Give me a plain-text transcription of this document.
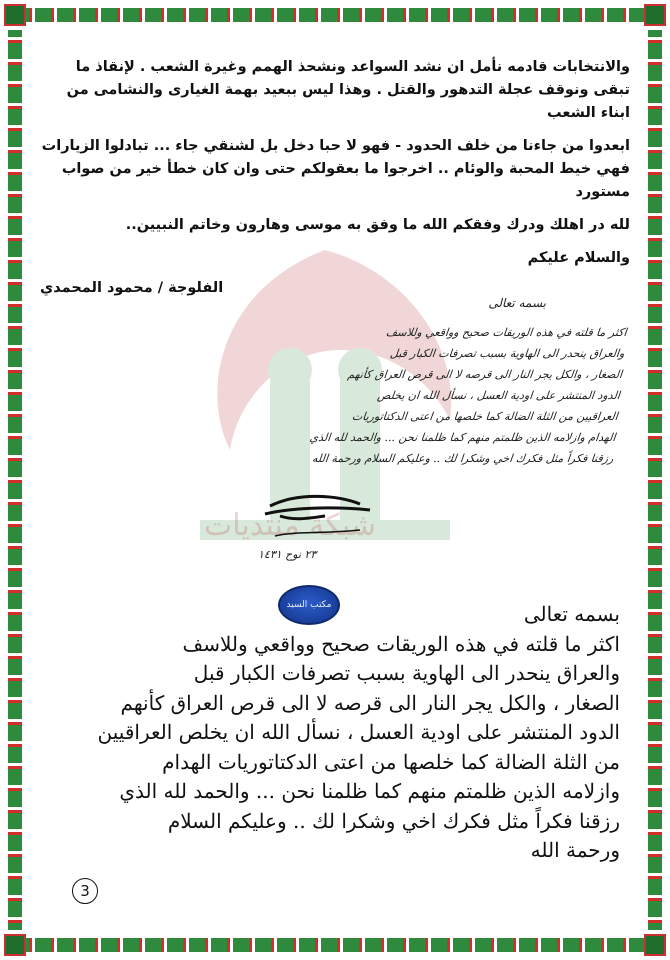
شبكة منتديات

والانتخابات قادمه نأمل ان نشد السواعد ونشحذ الهمم وغيرة الشعب . لإنقاذ ما تبقى ونوقف عجلة التدهور والقتل . وهذا ليس ببعيد بهمة الغيارى والنشامى من ابناء الشعب

ابعدوا من جاءنا من خلف الحدود - فهو لا حبا دخل بل لشنقي جاء ... تبادلوا الزيارات فهي خيط المحبة والوئام .. اخرجوا ما بعقولكم حتى وان كان خطأ خير من صواب مستورد

لله در اهلك ودرك وفقكم الله ما وفق به موسى وهارون وخاتم النبيين..

والسلام عليكم

الفلوجة / محمود المحمدي
بسمه تعالى
اكثر ما قلته في هذه الوريقات صحيح وواقعي وللاسف
والعراق ينحدر الى الهاوية بسبب تصرفات الكبار قبل
الصغار ، والكل يجر النار الى قرصه لا الى قرص العراق كأنهم
الدود المنتشر على اودية العسل ، نسأل الله ان يخلص
العراقيين من الثلة الضالة كما خلصها من اعتى الدكتاتوريات
الهدام وازلامه الذين ظلمتم منهم كما ظلمنا نحن ... والحمد لله الذي
رزقنا فكراً مثل فكرك اخي وشكرا لك .. وعليكم السلام ورحمة الله
٢٣ نوح ١٤٣١
مكتب السيد	بسمه تعالى
اكثر ما قلته في هذه الوريقات صحيح وواقعي وللاسف
والعراق ينحدر الى الهاوية بسبب تصرفات الكبار قبل
الصغار ، والكل يجر النار الى قرصه لا الى قرص العراق كأنهم
الدود المنتشر على اودية العسل ، نسأل الله ان يخلص العراقيين
من الثلة الضالة كما خلصها من اعتى الدكتاتوريات الهدام
وازلامه الذين ظلمتم منهم كما ظلمنا نحن ... والحمد لله الذي
رزقنا فكراً مثل فكرك اخي وشكرا لك .. وعليكم السلام
ورحمة الله
3
